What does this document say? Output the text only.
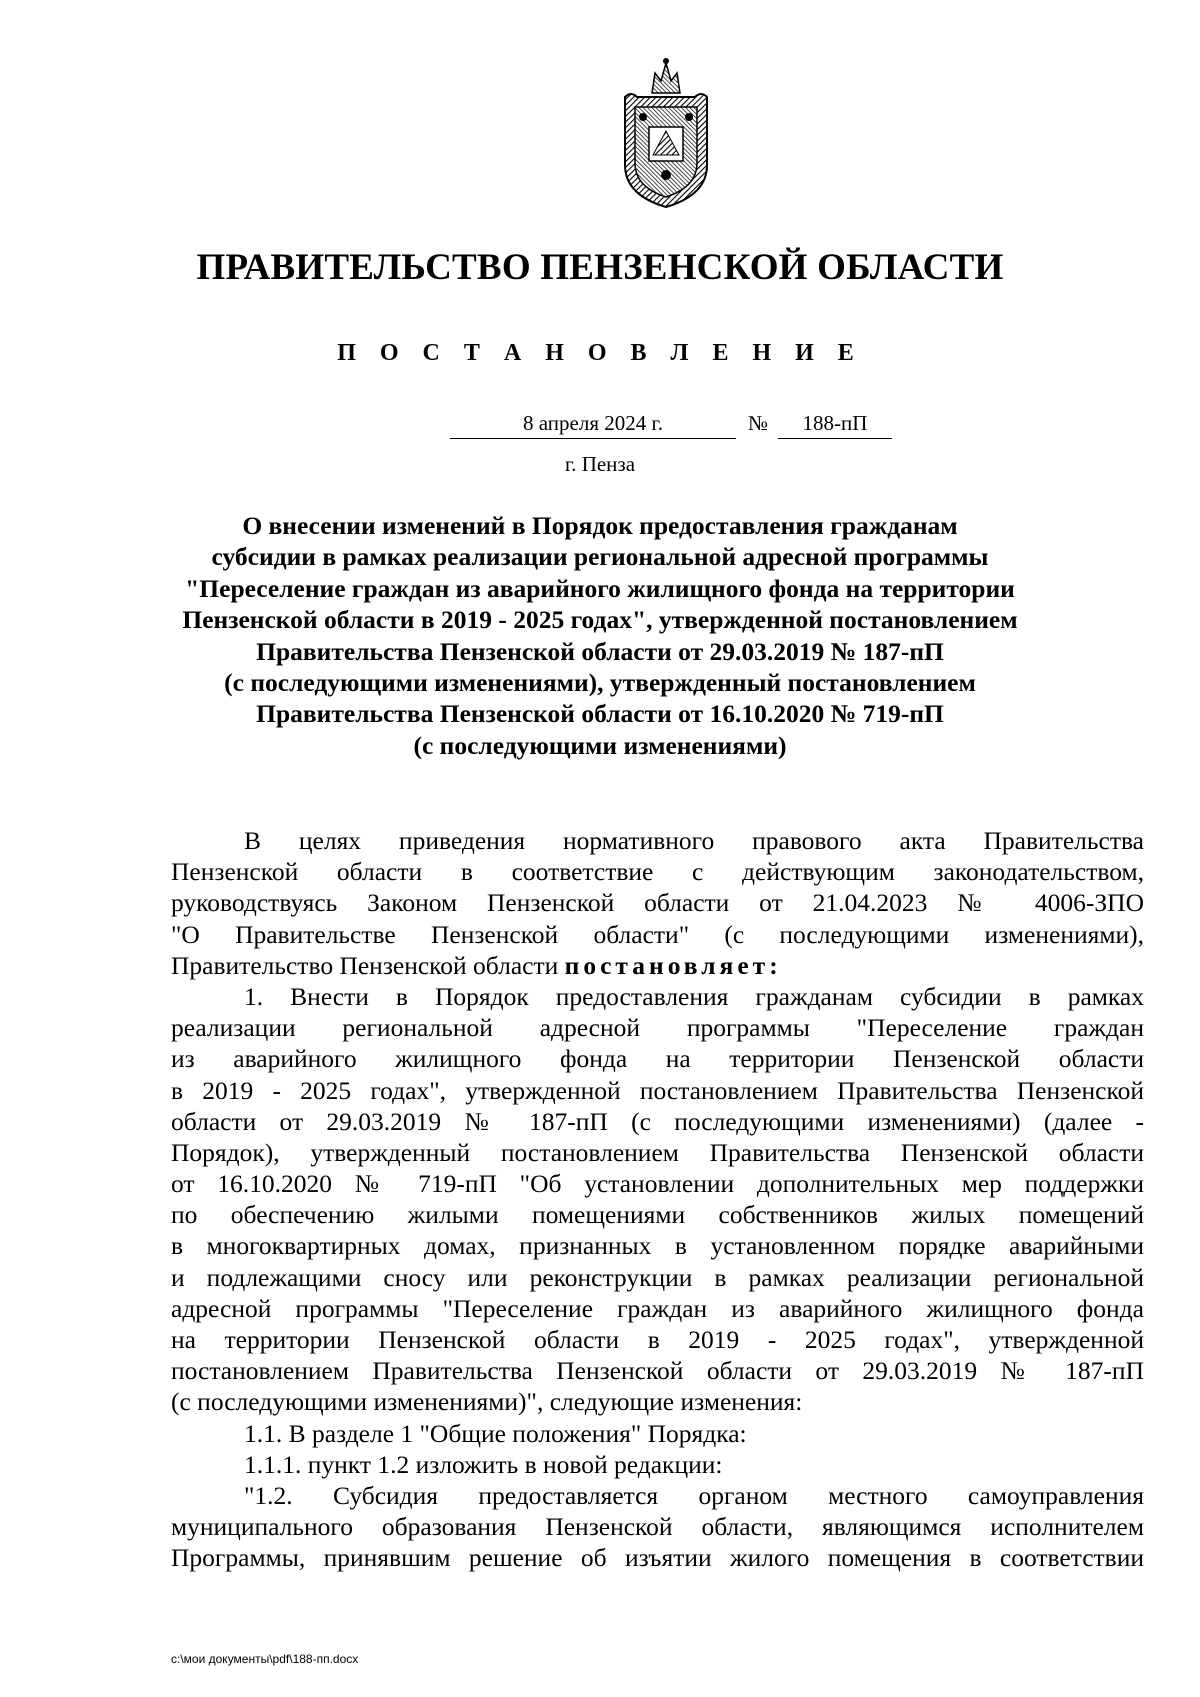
ПРАВИТЕЛЬСТВО ПЕНЗЕНСКОЙ ОБЛАСТИ
П О С Т А Н О В Л Е Н И Е
8 апреля 2024 г.	№	188-пП
г. Пенза
О внесении изменений в Порядок предоставления гражданам
субсидии в рамках реализации региональной адресной программы
"Переселение граждан из аварийного жилищного фонда на территории
Пензенской области в 2019 - 2025 годах", утвержденной постановлением
Правительства Пензенской области от 29.03.2019 № 187-пП
(с последующими изменениями), утвержденный постановлением
Правительства Пензенской области от 16.10.2020 № 719-пП
(с последующими изменениями)
В целях приведения нормативного правового акта Правительства
Пензенской области в соответствие с действующим законодательством,
руководствуясь Законом Пензенской области от 21.04.2023 № 4006-ЗПО
"О Правительстве Пензенской области" (с последующими изменениями),
Правительство Пензенской области постановляет:
1. Внести в Порядок предоставления гражданам субсидии в рамках
реализации региональной адресной программы "Переселение граждан
из аварийного жилищного фонда на территории Пензенской области
в 2019 - 2025 годах", утвержденной постановлением Правительства Пензенской
области от 29.03.2019 № 187-пП (с последующими изменениями) (далее -
Порядок), утвержденный постановлением Правительства Пензенской области
от 16.10.2020 № 719-пП "Об установлении дополнительных мер поддержки
по обеспечению жилыми помещениями собственников жилых помещений
в многоквартирных домах, признанных в установленном порядке аварийными
и подлежащими сносу или реконструкции в рамках реализации региональной
адресной программы "Переселение граждан из аварийного жилищного фонда
на территории Пензенской области в 2019 - 2025 годах", утвержденной
постановлением Правительства Пензенской области от 29.03.2019 № 187-пП
(с последующими изменениями)", следующие изменения:
1.1. В разделе 1 "Общие положения" Порядка:
1.1.1. пункт 1.2 изложить в новой редакции:
"1.2. Субсидия предоставляется органом местного самоуправления
муниципального образования Пензенской области, являющимся исполнителем
Программы, принявшим решение об изъятии жилого помещения в соответствии
c:\мои документы\pdf\188-пп.docx
